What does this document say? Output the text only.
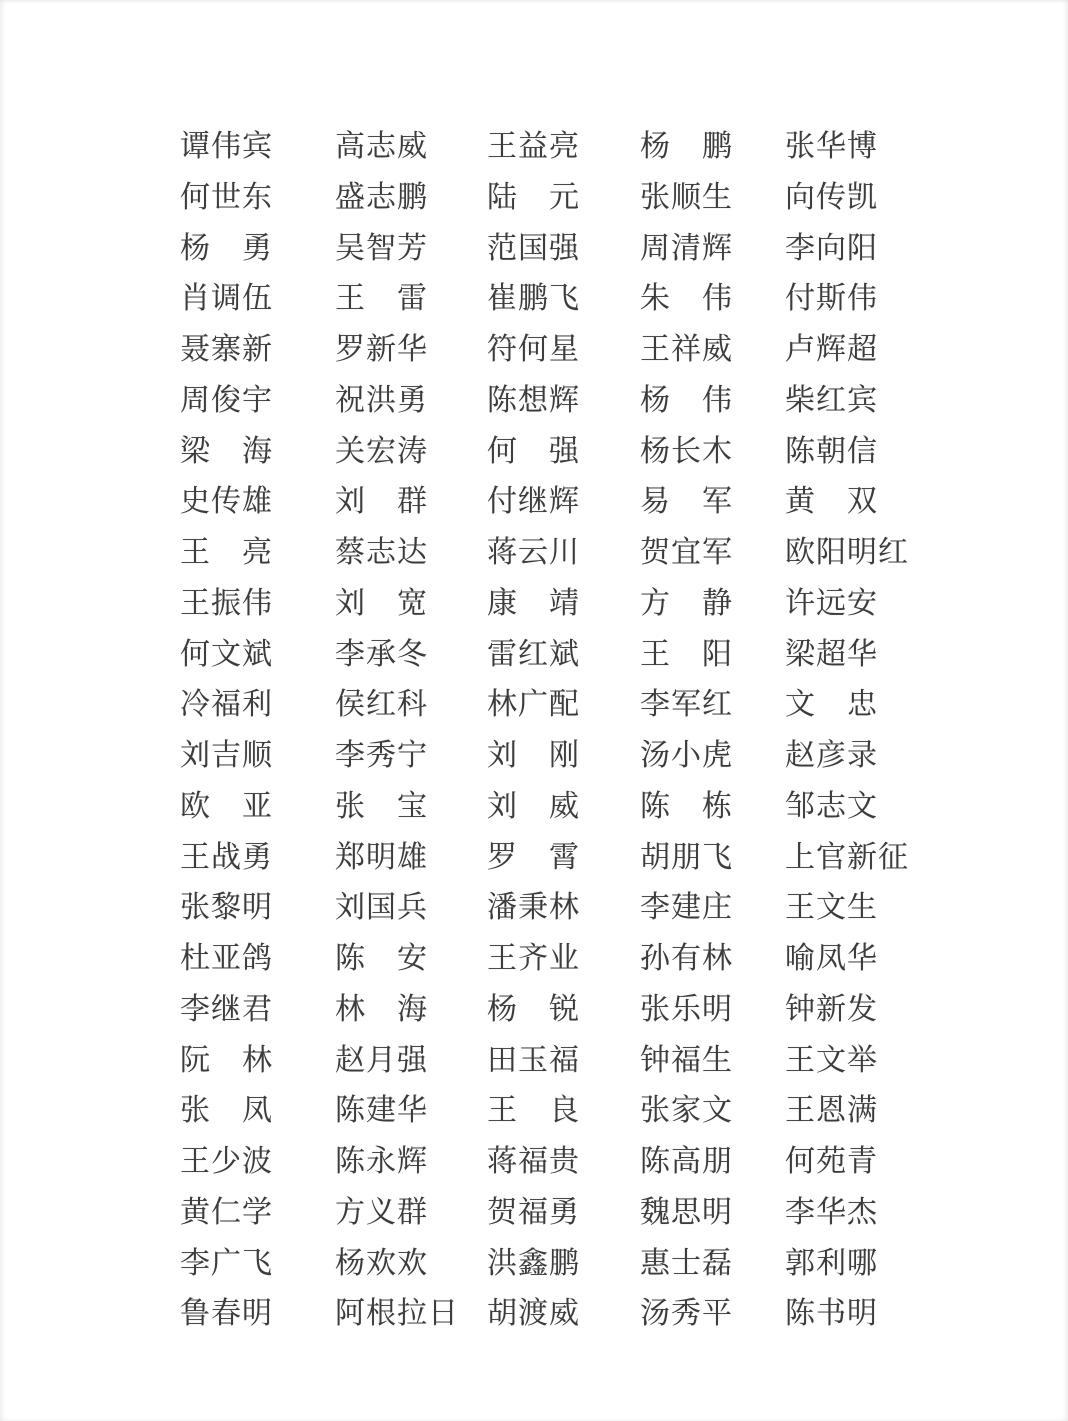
谭伟宾	高志威	王益亮	杨　鹏	张华博
何世东	盛志鹏	陆　元	张顺生	向传凯
杨　勇	吴智芳	范国强	周清辉	李向阳
肖调伍	王　雷	崔鹏飞	朱　伟	付斯伟
聂寨新	罗新华	符何星	王祥威	卢辉超
周俊宇	祝洪勇	陈想辉	杨　伟	柴红宾
梁　海	关宏涛	何　强	杨长木	陈朝信
史传雄	刘　群	付继辉	易　军	黄　双
王　亮	蔡志达	蒋云川	贺宜军	欧阳明红
王振伟	刘　宽	康　靖	方　静	许远安
何文斌	李承冬	雷红斌	王　阳	梁超华
冷福利	侯红科	林广配	李军红	文　忠
刘吉顺	李秀宁	刘　刚	汤小虎	赵彦录
欧　亚	张　宝	刘　威	陈　栋	邹志文
王战勇	郑明雄	罗　霄	胡朋飞	上官新征
张黎明	刘国兵	潘秉林	李建庄	王文生
杜亚鸽	陈　安	王齐业	孙有林	喻凤华
李继君	林　海	杨　锐	张乐明	钟新发
阮　林	赵月强	田玉福	钟福生	王文举
张　凤	陈建华	王　良	张家文	王恩满
王少波	陈永辉	蒋福贵	陈高朋	何苑青
黄仁学	方义群	贺福勇	魏思明	李华杰
李广飞	杨欢欢	洪鑫鹏	惠士磊	郭利哪
鲁春明	阿根拉日 胡渡威	汤秀平	陈书明
